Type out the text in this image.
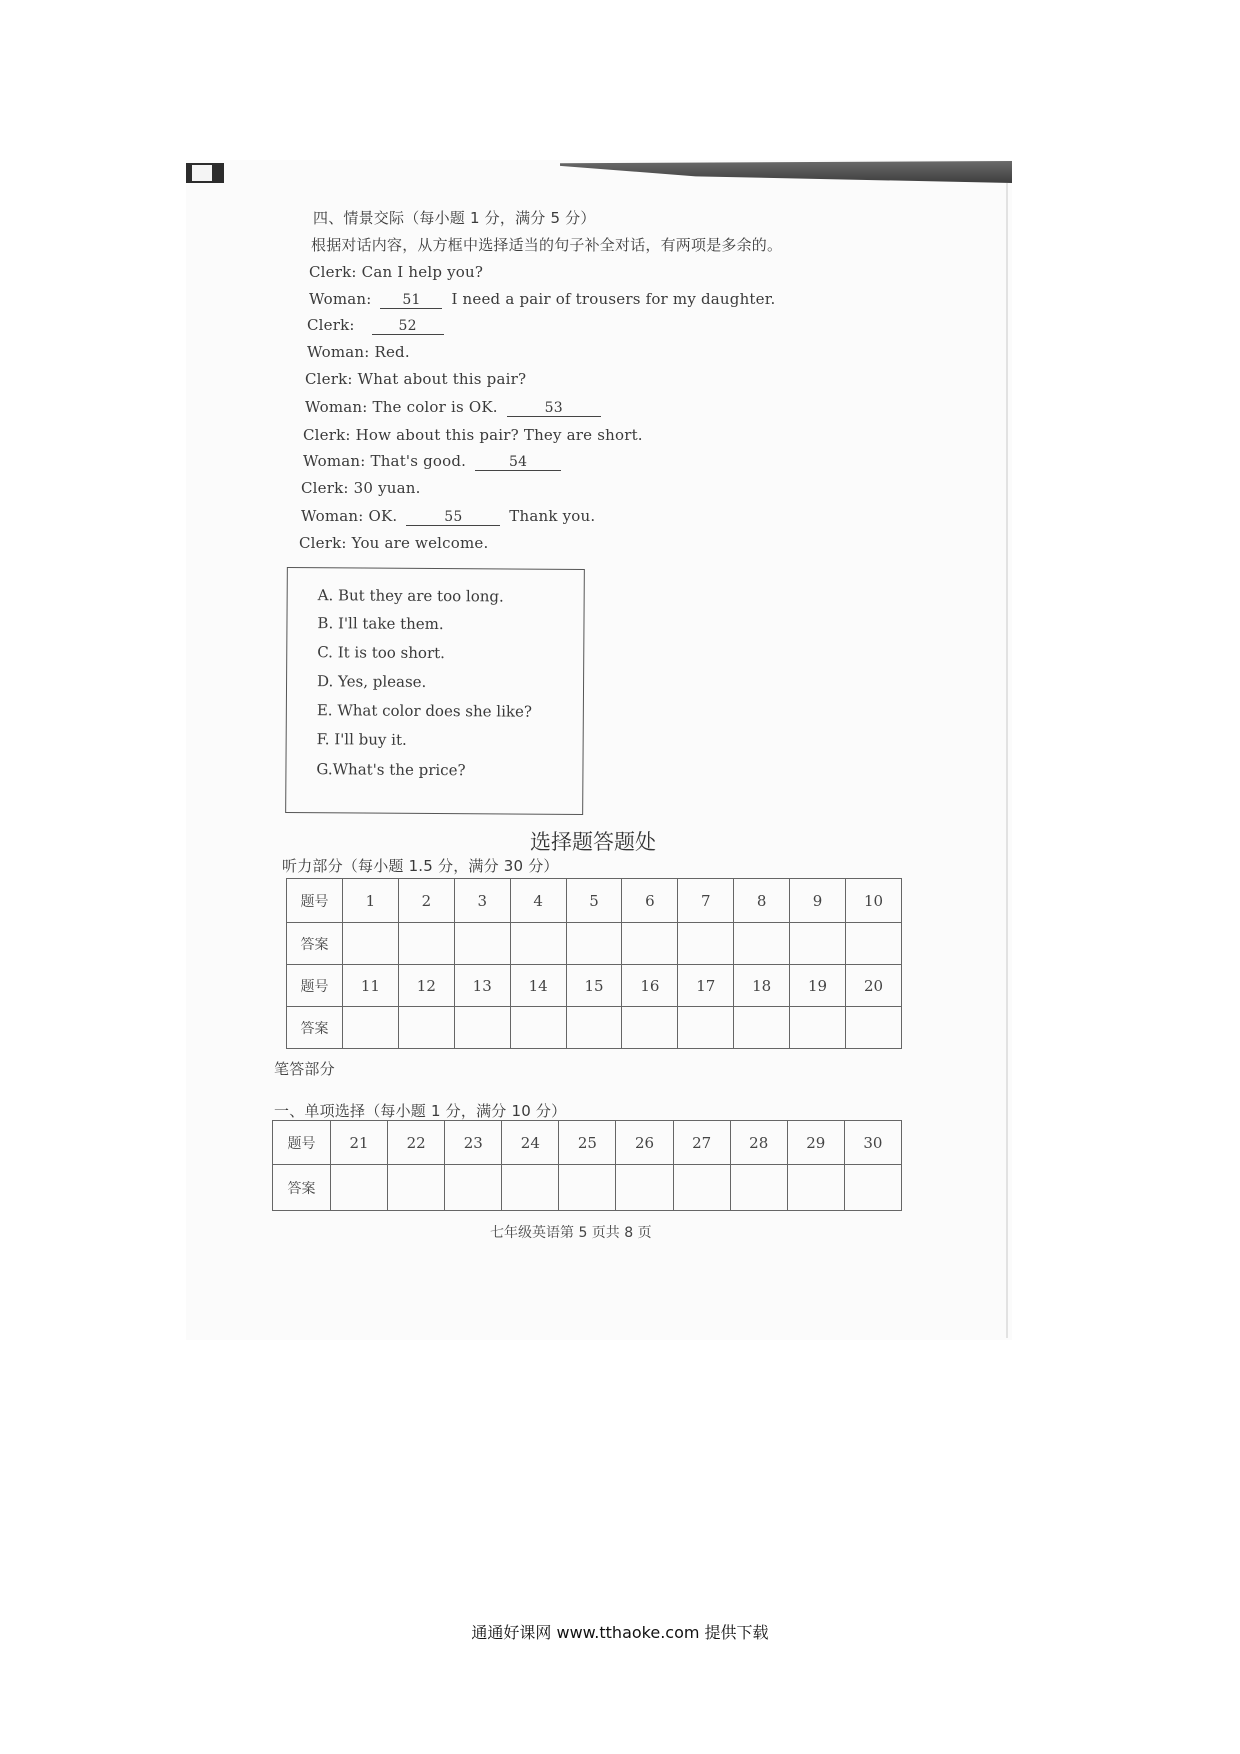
四、情景交际（每小题 1 分，满分 5 分）
根据对话内容，从方框中选择适当的句子补全对话，有两项是多余的。
Clerk: Can I help you?
Woman: 51 I need a pair of trousers for my daughter.
Clerk:	52
Woman: Red.
Clerk: What about this pair?
Woman: The color is OK.	53
Clerk: How about this pair? They are short.
Woman: That's good.	54
Clerk: 30 yuan.
Woman: OK.	55	Thank you.
Clerk: You are welcome.
A. But they are too long.
B. I'll take them.
C. It is too short.
D. Yes, please.
E. What color does she like?
F. I'll buy it.
G.What's the price?
选择题答题处
听力部分（每小题 1.5 分，满分 30 分）
题号	1	2	3	4	5	6	7	8	9	10
答案										
题号	11	12	13	14	15	16	17	18	19	20
答案										
笔答部分
一、单项选择（每小题 1 分，满分 10 分）
题号	21	22	23	24	25	26	27	28	29	30
答案										
七年级英语第 5 页共 8 页
通通好课网 www.tthaoke.com 提供下载
